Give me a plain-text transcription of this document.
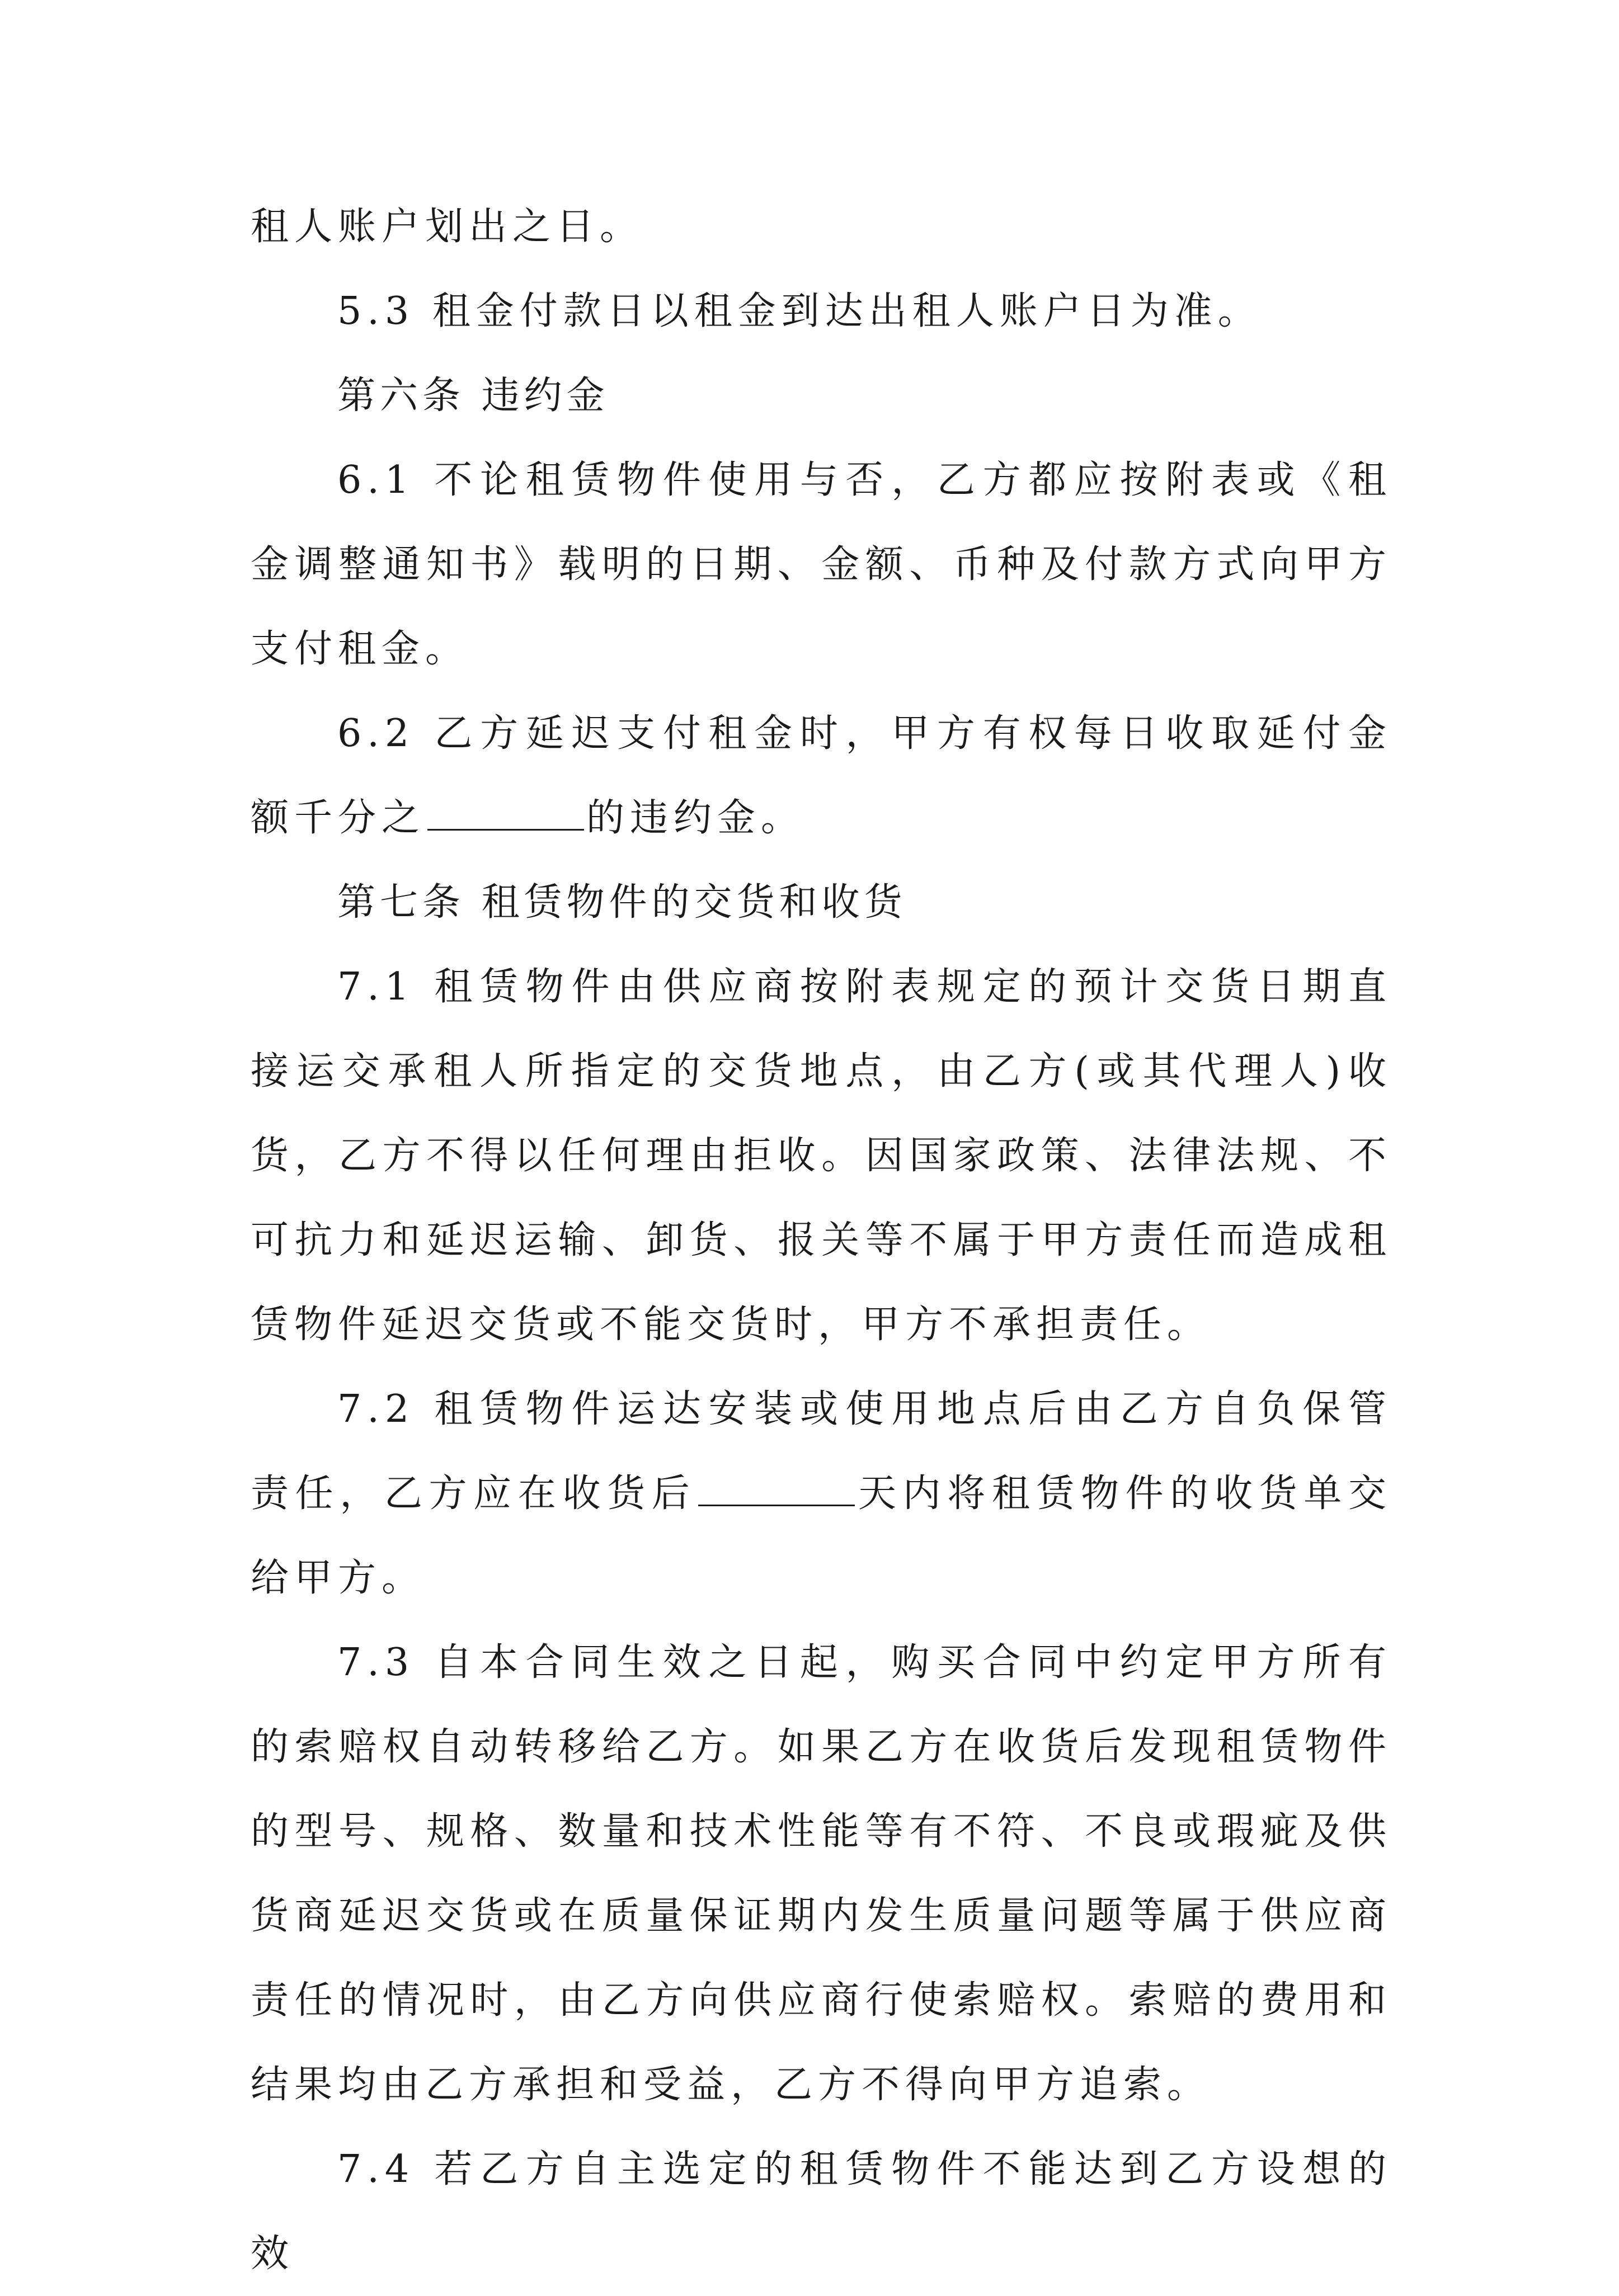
租人账户划出之日。

5.3 租金付款日以租金到达出租人账户日为准。

第六条 违约金

6.1 不论租赁物件使用与否，乙方都应按附表或《租金调整通知书》载明的日期、金额、币种及付款方式向甲方支付租金。

6.2 乙方延迟支付租金时，甲方有权每日收取延付金额千分之	的违约金。

第七条 租赁物件的交货和收货

7.1 租赁物件由供应商按附表规定的预计交货日期直接运交承租人所指定的交货地点，由乙方(或其代理人)收货，乙方不得以任何理由拒收。因国家政策、法律法规、不可抗力和延迟运输、卸货、报关等不属于甲方责任而造成租赁物件延迟交货或不能交货时，甲方不承担责任。

7.2 租赁物件运达安装或使用地点后由乙方自负保管责任，乙方应在收货后	天内将租赁物件的收货单交给甲方。

7.3 自本合同生效之日起，购买合同中约定甲方所有的索赔权自动转移给乙方。如果乙方在收货后发现租赁物件的型号、规格、数量和技术性能等有不符、不良或瑕疵及供货商延迟交货或在质量保证期内发生质量问题等属于供应商责任的情况时，由乙方向供应商行使索赔权。索赔的费用和结果均由乙方承担和受益，乙方不得向甲方追索。

7.4 若乙方自主选定的租赁物件不能达到乙方设想的效
